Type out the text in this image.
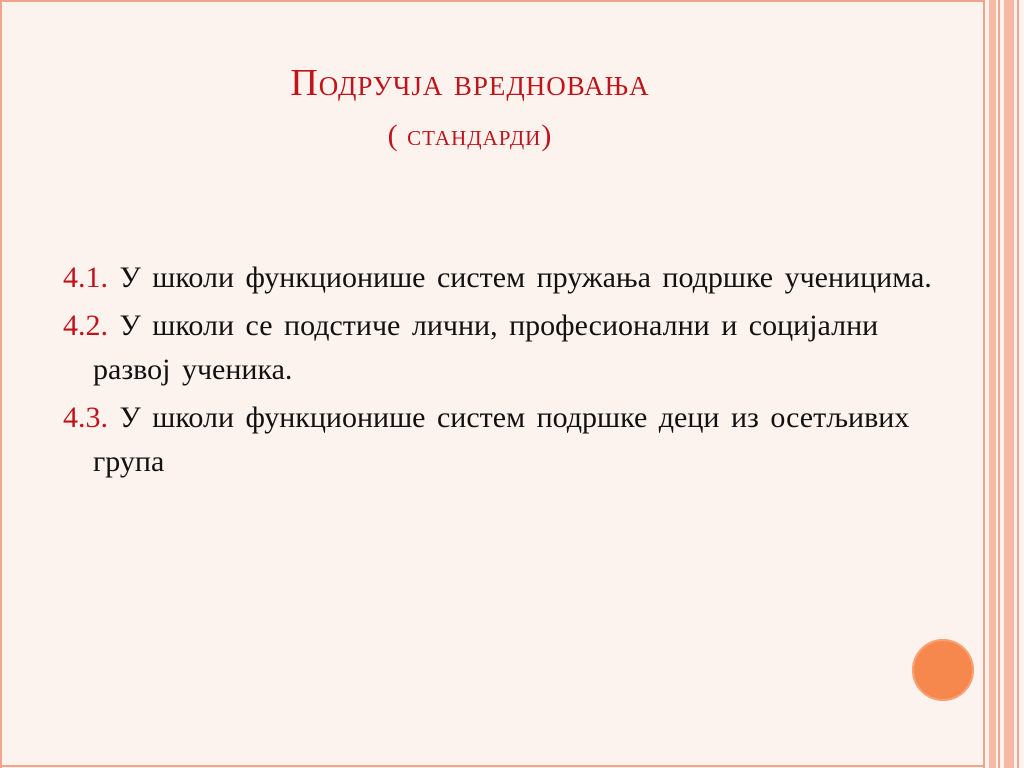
Подручја вредновања
( стандарди)
4.1. У школи функционише систем пружања подршке ученицима.
4.2. У школи се подстиче лични, професионални и социјални развој ученика.
4.3. У школи функционише систем подршке деци из осетљивих група
